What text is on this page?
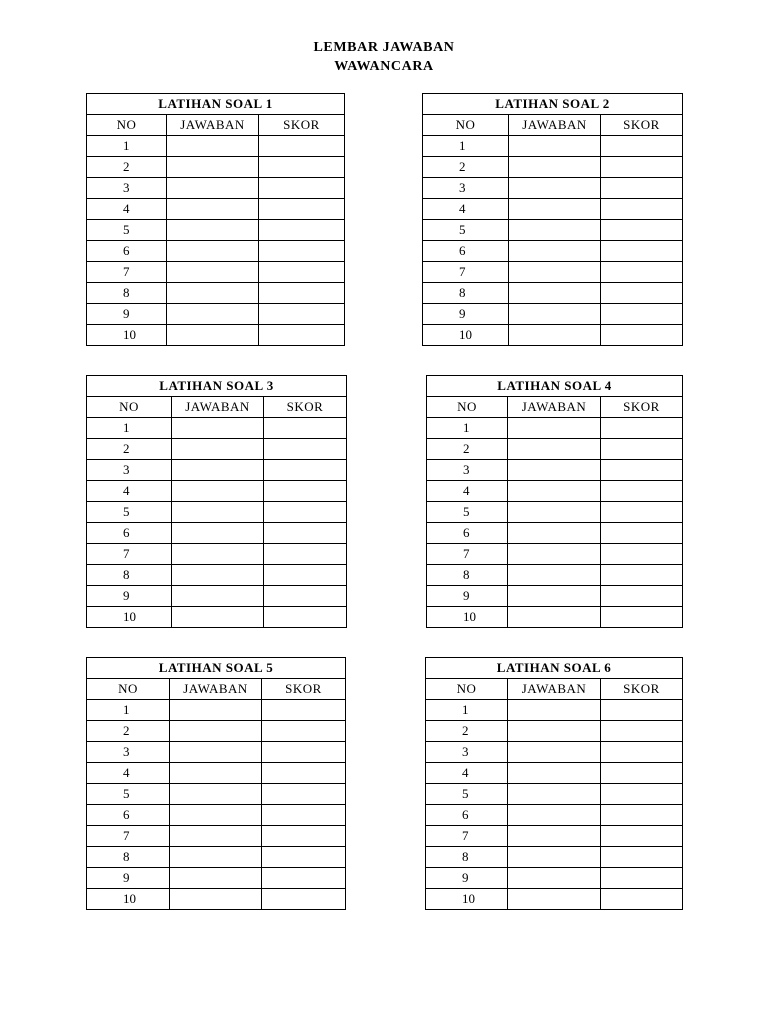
LEMBAR JAWABAN
WAWANCARA
LATIHAN SOAL 1		
NO	JAWABAN	SKOR
1		
2		
3		
4		
5		
6		
7		
8		
9		
10		
LATIHAN SOAL 2		
NO	JAWABAN	SKOR
1		
2		
3		
4		
5		
6		
7		
8		
9		
10		
LATIHAN SOAL 3		
NO	JAWABAN	SKOR
1		
2		
3		
4		
5		
6		
7		
8		
9		
10		
LATIHAN SOAL 4		
NO	JAWABAN	SKOR
1		
2		
3		
4		
5		
6		
7		
8		
9		
10		
LATIHAN SOAL 5		
NO	JAWABAN	SKOR
1		
2		
3		
4		
5		
6		
7		
8		
9		
10		
LATIHAN SOAL 6		
NO	JAWABAN	SKOR
1		
2		
3		
4		
5		
6		
7		
8		
9		
10		
